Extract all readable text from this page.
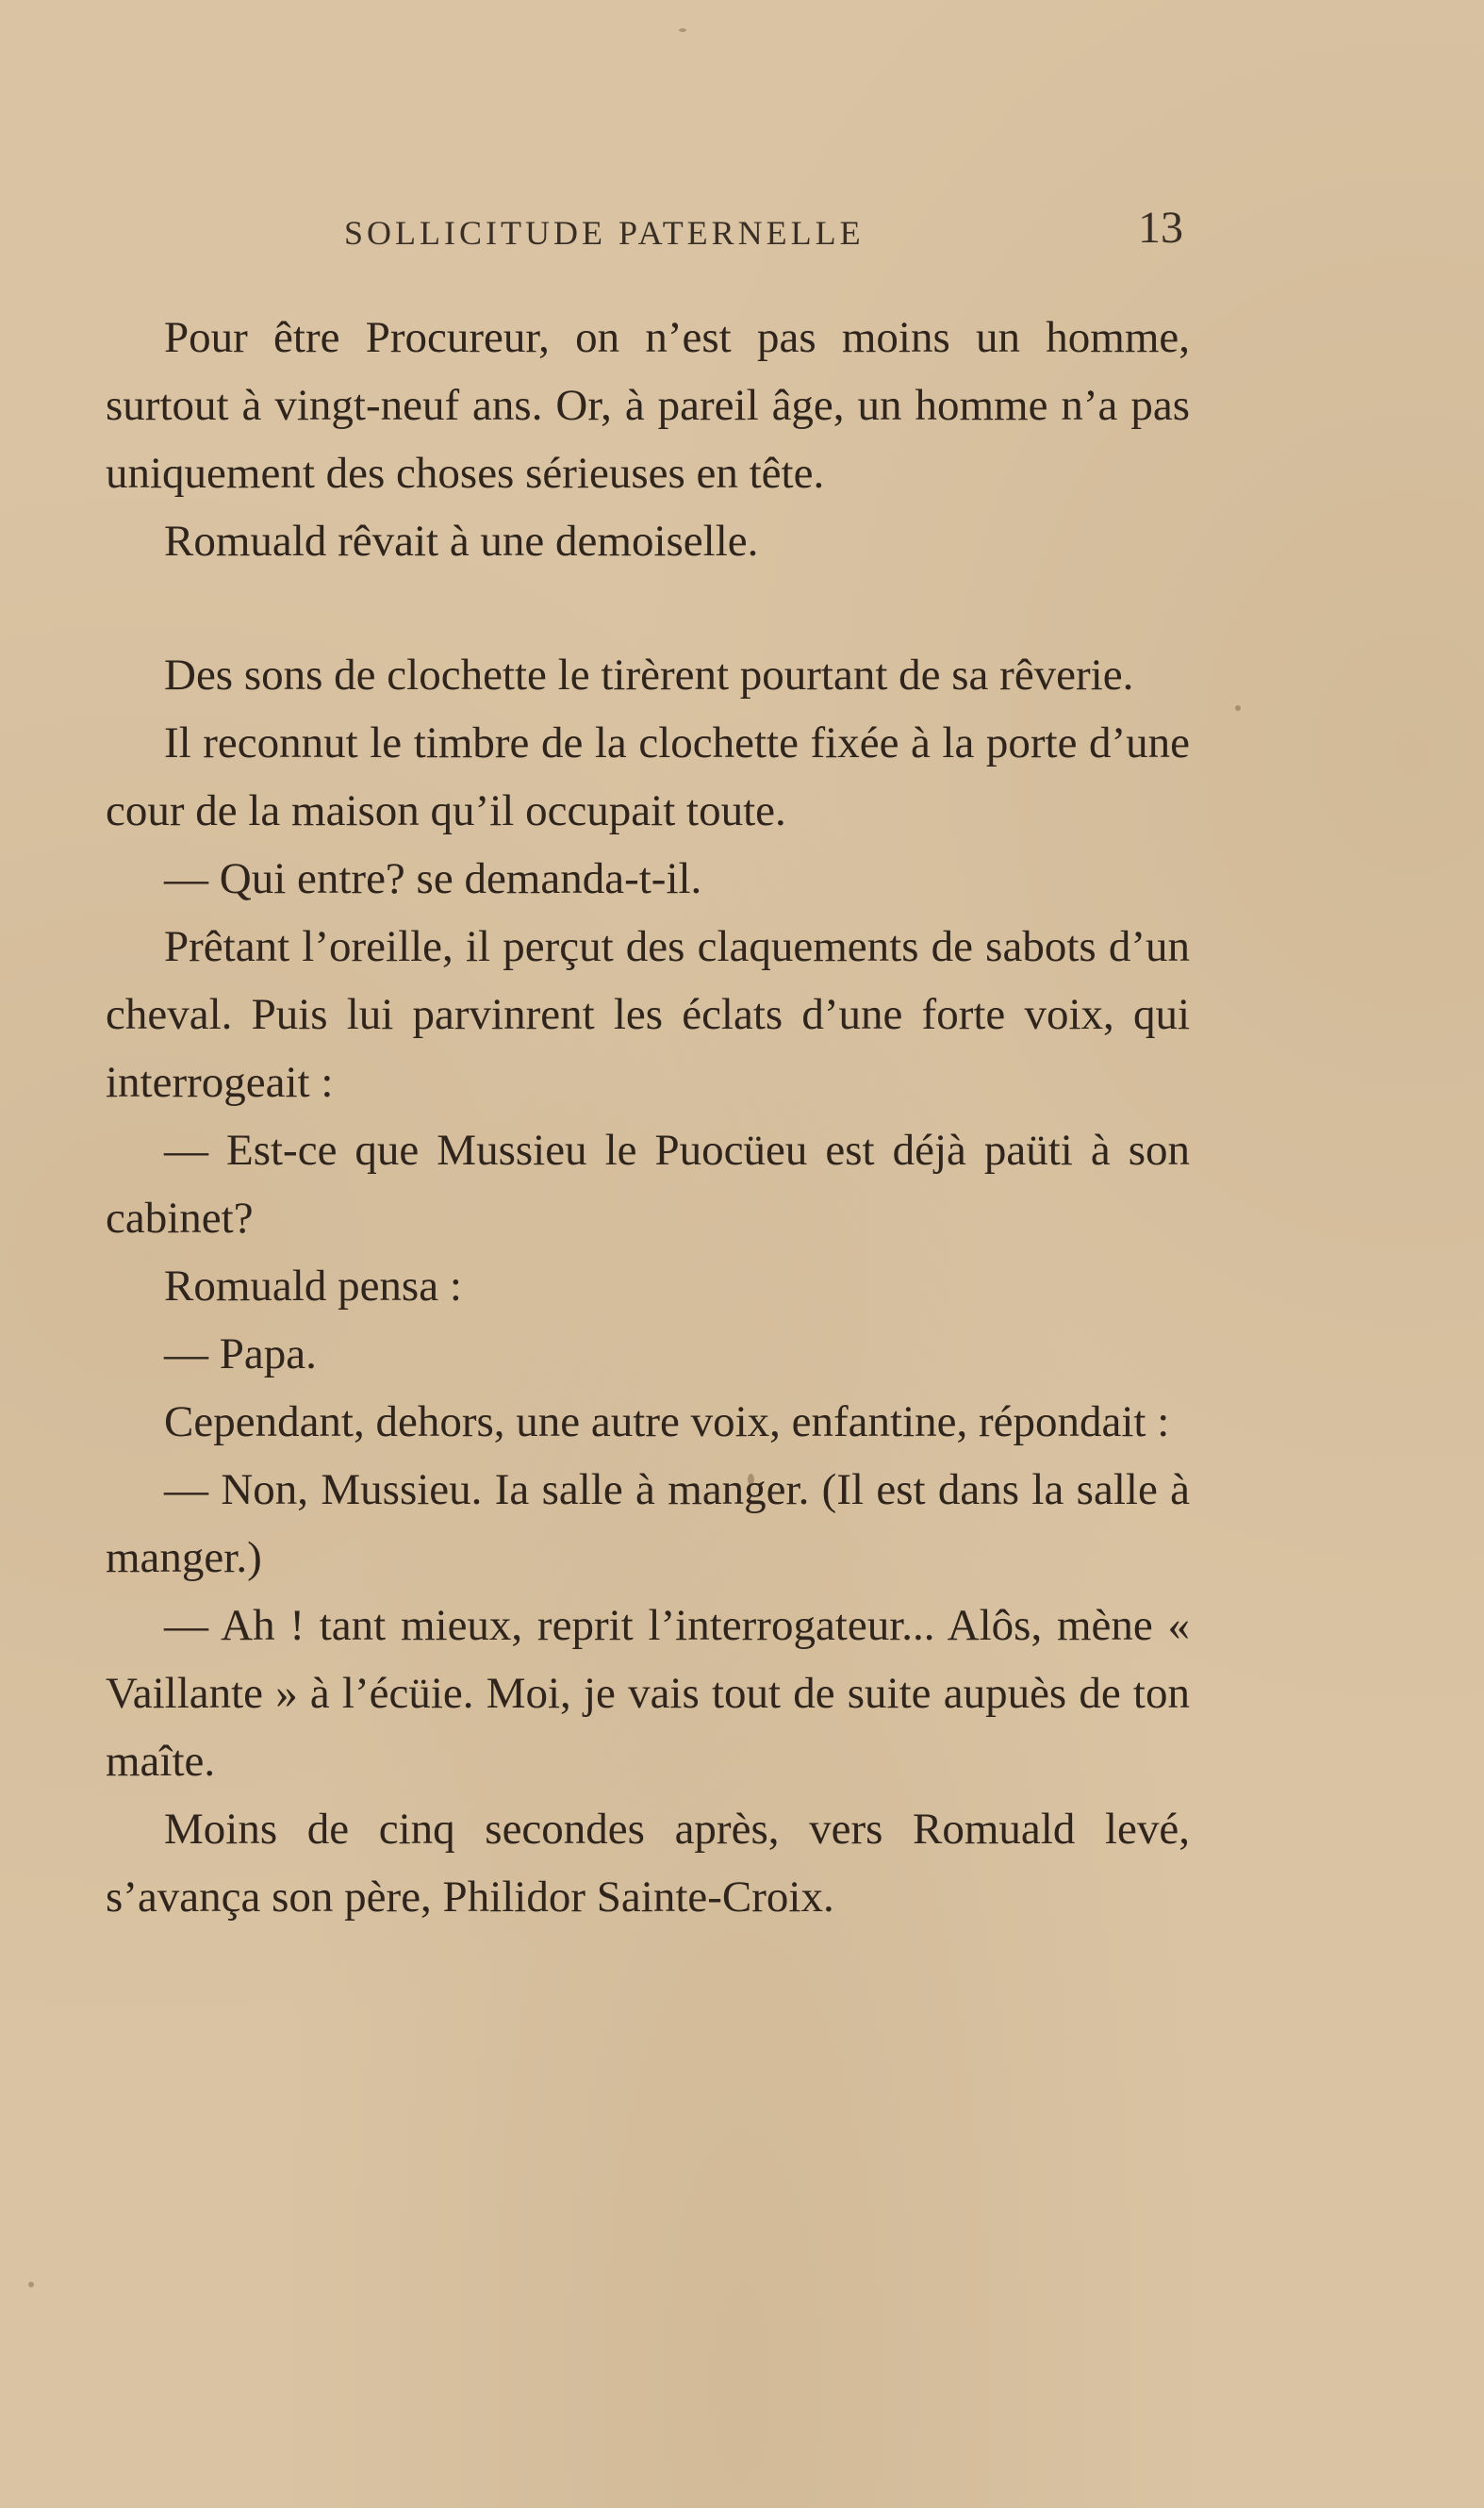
SOLLICITUDE PATERNELLE	13

Pour être Procureur, on n’est pas moins un homme, surtout à vingt-neuf ans. Or, à pareil âge, un homme n’a pas uniquement des choses sérieuses en tête.

Romuald rêvait à une demoiselle.

Des sons de clochette le tirèrent pourtant de sa rêverie.

Il reconnut le timbre de la clochette fixée à la porte d’une cour de la maison qu’il occupait toute.

— Qui entre? se demanda-t-il.

Prêtant l’oreille, il perçut des claquements de sabots d’un cheval. Puis lui parvinrent les éclats d’une forte voix, qui interrogeait :

— Est-ce que Mussieu le Puocüeu est déjà paüti à son cabinet?

Romuald pensa :

— Papa.

Cependant, dehors, une autre voix, enfantine, répondait :

— Non, Mussieu. Ia salle à manger. (Il est dans la salle à manger.)

— Ah ! tant mieux, reprit l’interrogateur... Alôs, mène « Vaillante » à l’écüie. Moi, je vais tout de suite aupuès de ton maîte.

Moins de cinq secondes après, vers Romuald levé, s’avança son père, Philidor Sainte-Croix.
